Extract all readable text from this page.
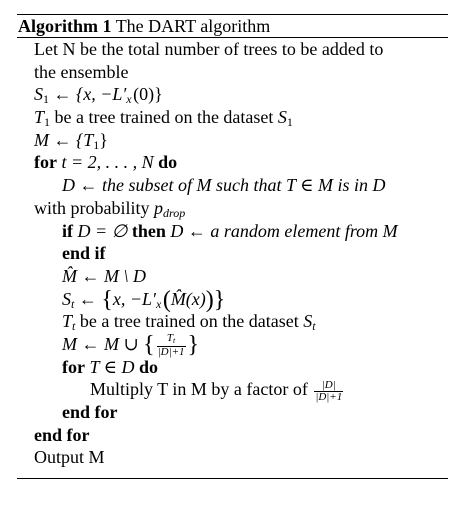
Algorithm 1 The DART algorithm
Let N be the total number of trees to be added to
the ensemble
$S_1$ ← {x, $-L'_x$ (0)}
$T_1$ be a tree trained on the dataset $S_1$
M ← $\{T_1\}$
for t = 2, . . . , N do
D ← the subset of M such that T ∈ M is in D
with probability $p_{drop}$
if D = ∅ then D ← a random element from M
end if
M̂ ← M \ D
$S_t$ ← {x, $-L'_x$ (M̂(x))}
$T_t$ be a tree trained on the dataset $S_t$
M ← M ∪ { $\frac{Tt}{|D|+1}$ }
for T ∈ D do
Multiply T in M by a factor of $\frac{|D|}{|D|+1}$
end for
end for
Output M
